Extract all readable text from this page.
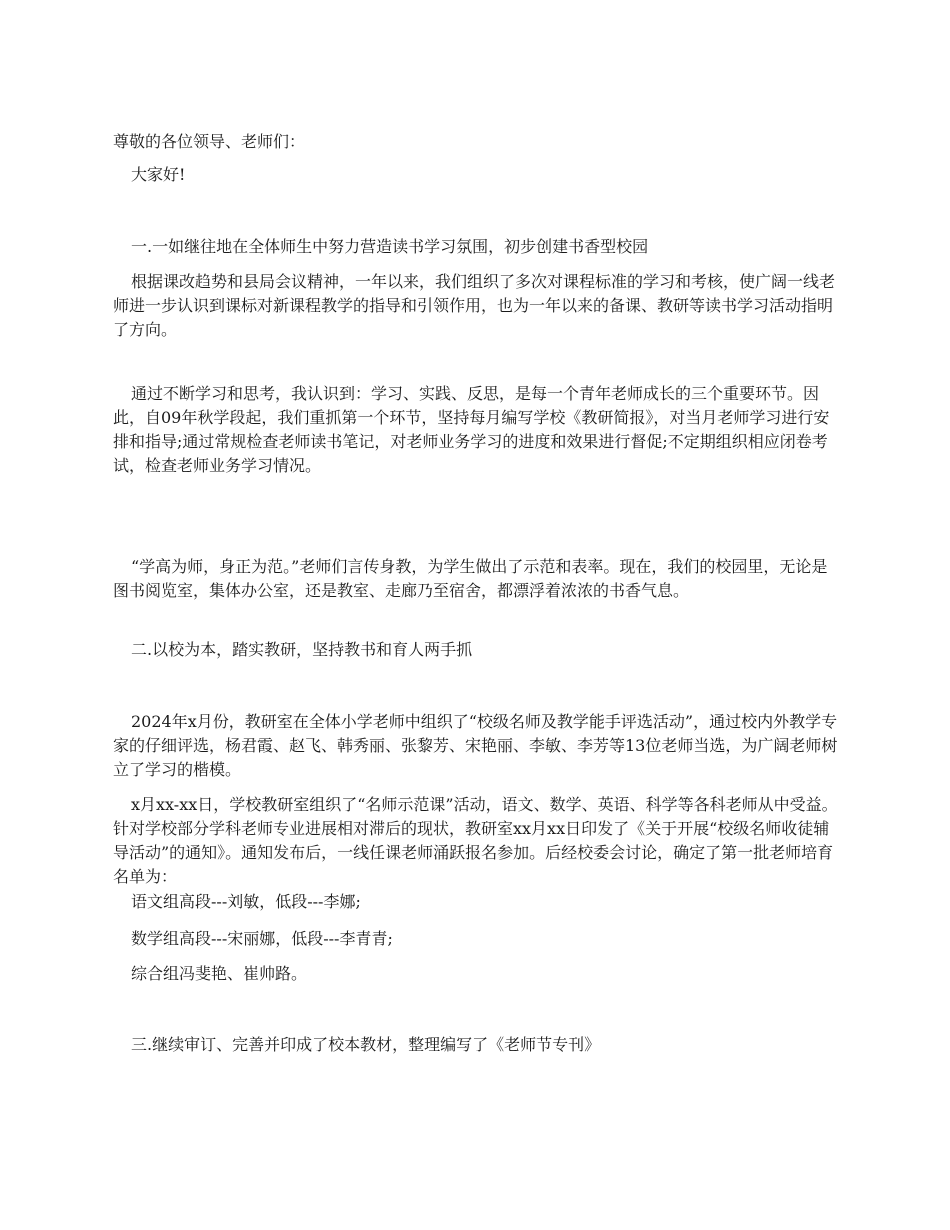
尊敬的各位领导、老师们：

大家好!

一.一如继往地在全体师生中努力营造读书学习氛围，初步创建书香型校园

根据课改趋势和县局会议精神，一年以来，我们组织了多次对课程标准的学习和考核，使广阔一线老师进一步认识到课标对新课程教学的指导和引领作用，也为一年以来的备课、教研等读书学习活动指明了方向。

通过不断学习和思考，我认识到：学习、实践、反思，是每一个青年老师成长的三个重要环节。因此，自09年秋学段起，我们重抓第一个环节，坚持每月编写学校《教研简报》，对当月老师学习进行安排和指导;通过常规检查老师读书笔记，对老师业务学习的进度和效果进行督促;不定期组织相应闭卷考试，检查老师业务学习情况。

“学高为师，身正为范。”老师们言传身教，为学生做出了示范和表率。现在，我们的校园里，无论是图书阅览室，集体办公室，还是教室、走廊乃至宿舍，都漂浮着浓浓的书香气息。

二.以校为本，踏实教研，坚持教书和育人两手抓

2024年x月份，教研室在全体小学老师中组织了“校级名师及教学能手评选活动”，通过校内外教学专家的仔细评选，杨君霞、赵飞、韩秀丽、张黎芳、宋艳丽、李敏、李芳等13位老师当选，为广阔老师树立了学习的楷模。

x月xx-xx日，学校教研室组织了“名师示范课”活动，语文、数学、英语、科学等各科老师从中受益。针对学校部分学科老师专业进展相对滞后的现状，教研室xx月xx日印发了《关于开展“校级名师收徒辅导活动”的通知》。通知发布后，一线任课老师涌跃报名参加。后经校委会讨论，确定了第一批老师培育名单为：

语文组高段---刘敏，低段---李娜;

数学组高段---宋丽娜，低段---李青青;

综合组冯斐艳、崔帅路。

三.继续审订、完善并印成了校本教材，整理编写了《老师节专刊》
